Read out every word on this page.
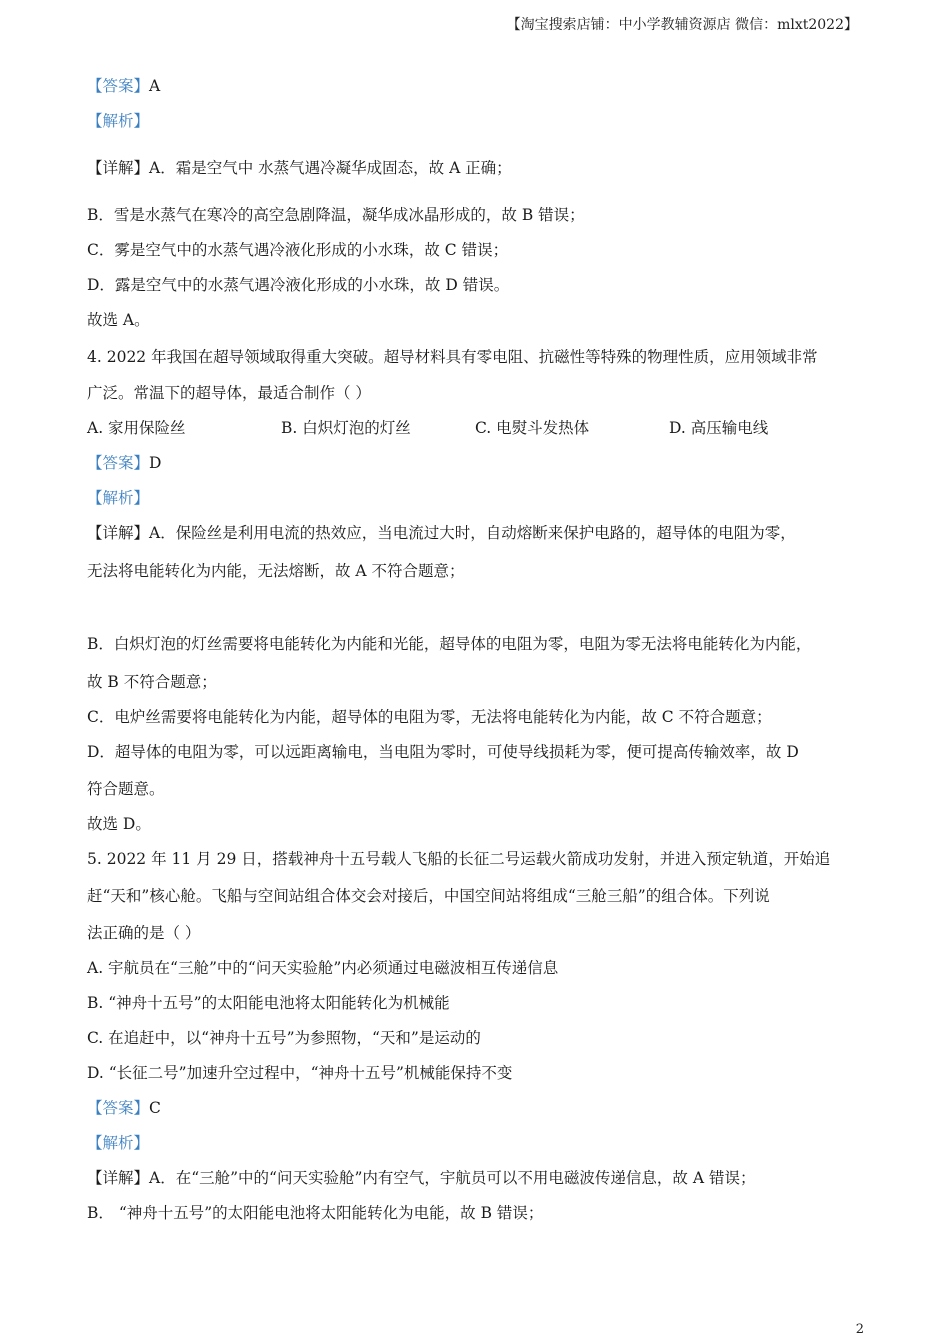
【淘宝搜索店铺：中小学教辅资源店 微信：mlxt2022】
【答案】A
【解析】
【详解】A．霜是空气中 水蒸气遇冷凝华成固态，故 A 正确；
B．雪是水蒸气在寒冷的高空急剧降温，凝华成冰晶形成的，故 B 错误；
C．雾是空气中的水蒸气遇冷液化形成的小水珠，故 C 错误；
D．露是空气中的水蒸气遇冷液化形成的小水珠，故 D 错误。
故选 A。
4. 2022 年我国在超导领域取得重大突破。超导材料具有零电阻、抗磁性等特殊的物理性质，应用领域非常
广泛。常温下的超导体，最适合制作（ ）
A. 家用保险丝	B. 白炽灯泡的灯丝	C. 电熨斗发热体	D. 高压输电线
【答案】D
【解析】
【详解】A．保险丝是利用电流的热效应，当电流过大时，自动熔断来保护电路的，超导体的电阻为零，
无法将电能转化为内能，无法熔断，故 A 不符合题意；
B．白炽灯泡的灯丝需要将电能转化为内能和光能，超导体的电阻为零，电阻为零无法将电能转化为内能，
故 B 不符合题意；
C．电炉丝需要将电能转化为内能，超导体的电阻为零，无法将电能转化为内能，故 C 不符合题意；
D．超导体的电阻为零，可以远距离输电，当电阻为零时，可使导线损耗为零，便可提高传输效率，故 D
符合题意。
故选 D。
5. 2022 年 11 月 29 日，搭载神舟十五号载人飞船的长征二号运载火箭成功发射，并进入预定轨道，开始追
赶“天和”核心舱。飞船与空间站组合体交会对接后，中国空间站将组成“三舱三船”的组合体。下列说
法正确的是（ ）
A. 宇航员在“三舱”中的“问天实验舱”内必须通过电磁波相互传递信息
B. “神舟十五号”的太阳能电池将太阳能转化为机械能
C. 在追赶中，以“神舟十五号”为参照物，“天和”是运动的
D. “长征二号”加速升空过程中，“神舟十五号”机械能保持不变
【答案】C
【解析】
【详解】A．在“三舱”中的“问天实验舱”内有空气，宇航员可以不用电磁波传递信息，故 A 错误；
B． “神舟十五号”的太阳能电池将太阳能转化为电能，故 B 错误；
2
